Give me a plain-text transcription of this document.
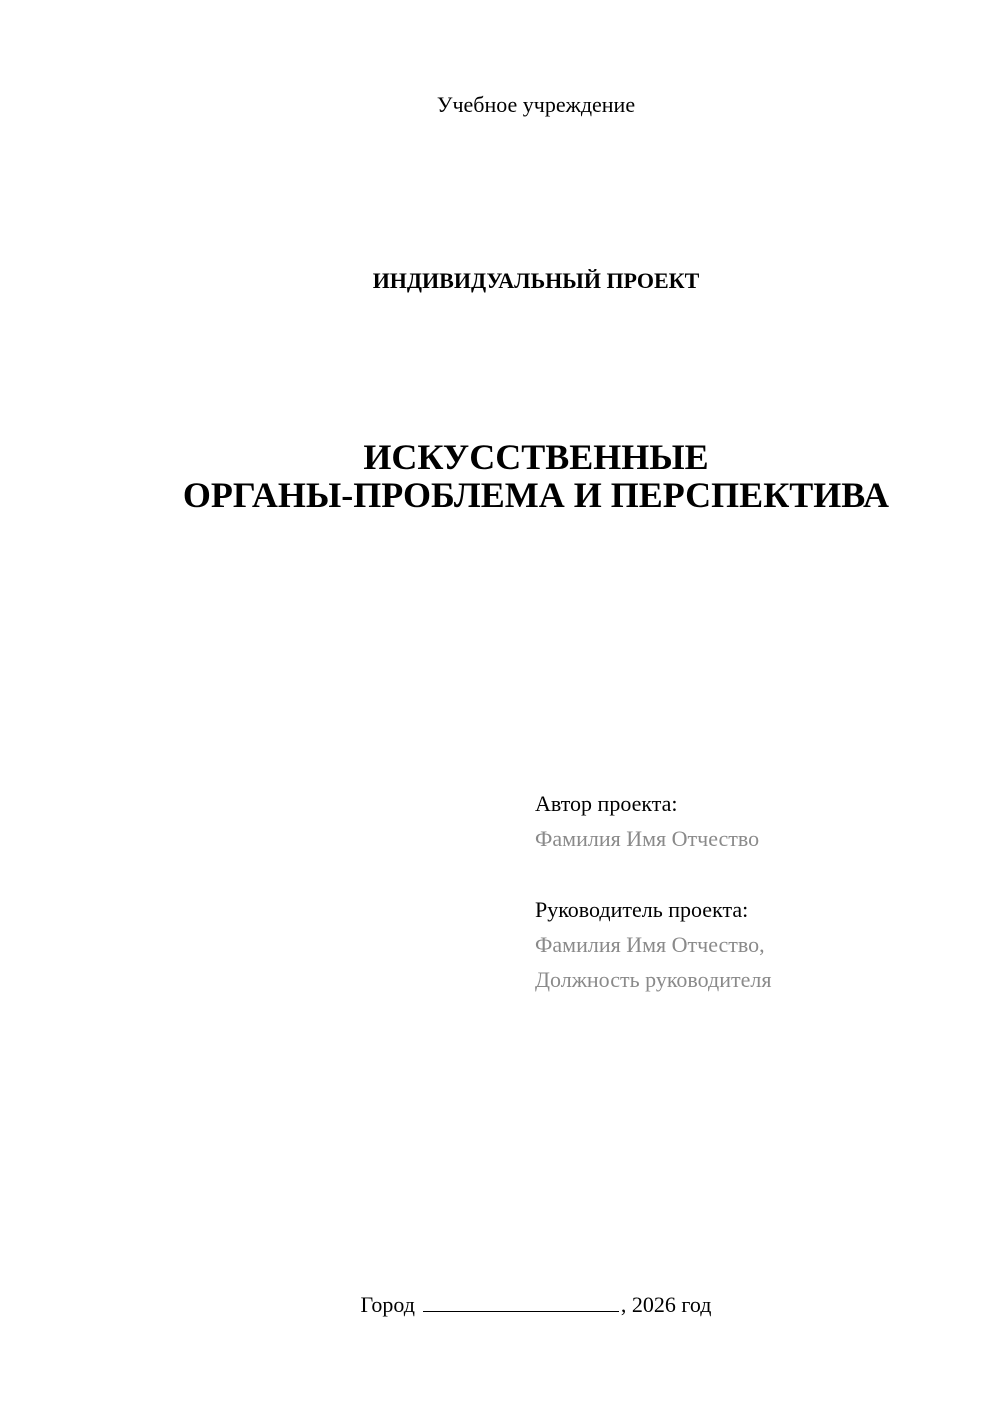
Учебное учреждение
ИНДИВИДУАЛЬНЫЙ ПРОЕКТ
ИСКУССТВЕННЫЕ
ОРГАНЫ-ПРОБЛЕМА И ПЕРСПЕКТИВА
Автор проекта:
Фамилия Имя Отчество
Руководитель проекта:
Фамилия Имя Отчество,
Должность руководителя
Город	, 2026 год
